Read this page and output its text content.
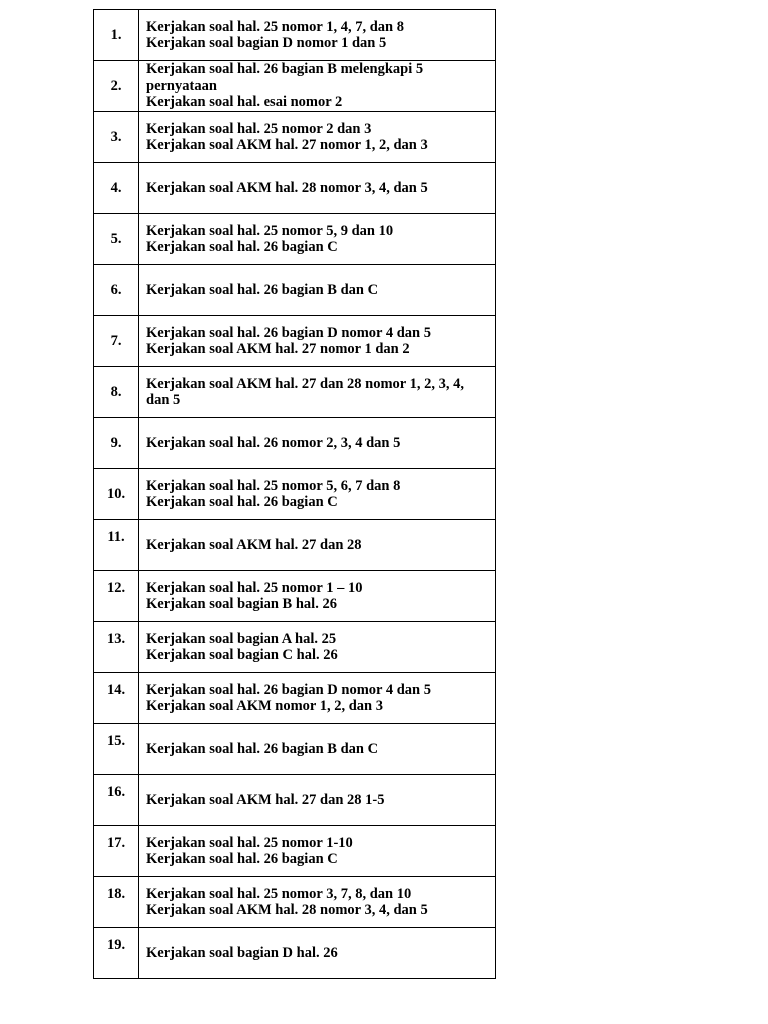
1.	Kerjakan soal hal. 25 nomor 1, 4, 7, dan 8
Kerjakan soal bagian D nomor 1 dan 5

2.	Kerjakan soal hal. 26 bagian B melengkapi 5 pernyataan
Kerjakan soal hal. esai nomor 2

3.	Kerjakan soal hal. 25 nomor 2 dan 3
Kerjakan soal AKM hal. 27 nomor 1, 2, dan 3

4.	Kerjakan soal AKM hal. 28 nomor 3, 4, dan 5

5.	Kerjakan soal hal. 25 nomor 5, 9 dan 10
Kerjakan soal hal. 26 bagian C

6.	Kerjakan soal hal. 26 bagian B dan C

7.	Kerjakan soal hal. 26 bagian D nomor 4 dan 5
Kerjakan soal AKM hal. 27 nomor 1 dan 2

8.	Kerjakan soal AKM hal. 27 dan 28 nomor 1, 2, 3, 4, dan 5

9.	Kerjakan soal hal. 26 nomor 2, 3, 4 dan 5

10.	Kerjakan soal hal. 25 nomor 5, 6, 7 dan 8
Kerjakan soal hal. 26 bagian C

11.	Kerjakan soal AKM hal. 27 dan 28

12.	Kerjakan soal hal. 25 nomor 1 – 10
Kerjakan soal bagian B hal. 26

13.	Kerjakan soal bagian A hal. 25
Kerjakan soal bagian C hal. 26

14.	Kerjakan soal hal. 26 bagian D nomor 4 dan 5
Kerjakan soal AKM nomor 1, 2, dan 3

15.	Kerjakan soal hal. 26 bagian B dan C

16.	Kerjakan soal AKM hal. 27 dan 28 1-5

17.	Kerjakan soal hal. 25 nomor 1-10
Kerjakan soal hal. 26 bagian C

18.	Kerjakan soal hal. 25 nomor 3, 7, 8, dan 10
Kerjakan soal AKM hal. 28 nomor 3, 4, dan 5

19.	Kerjakan soal bagian D hal. 26
